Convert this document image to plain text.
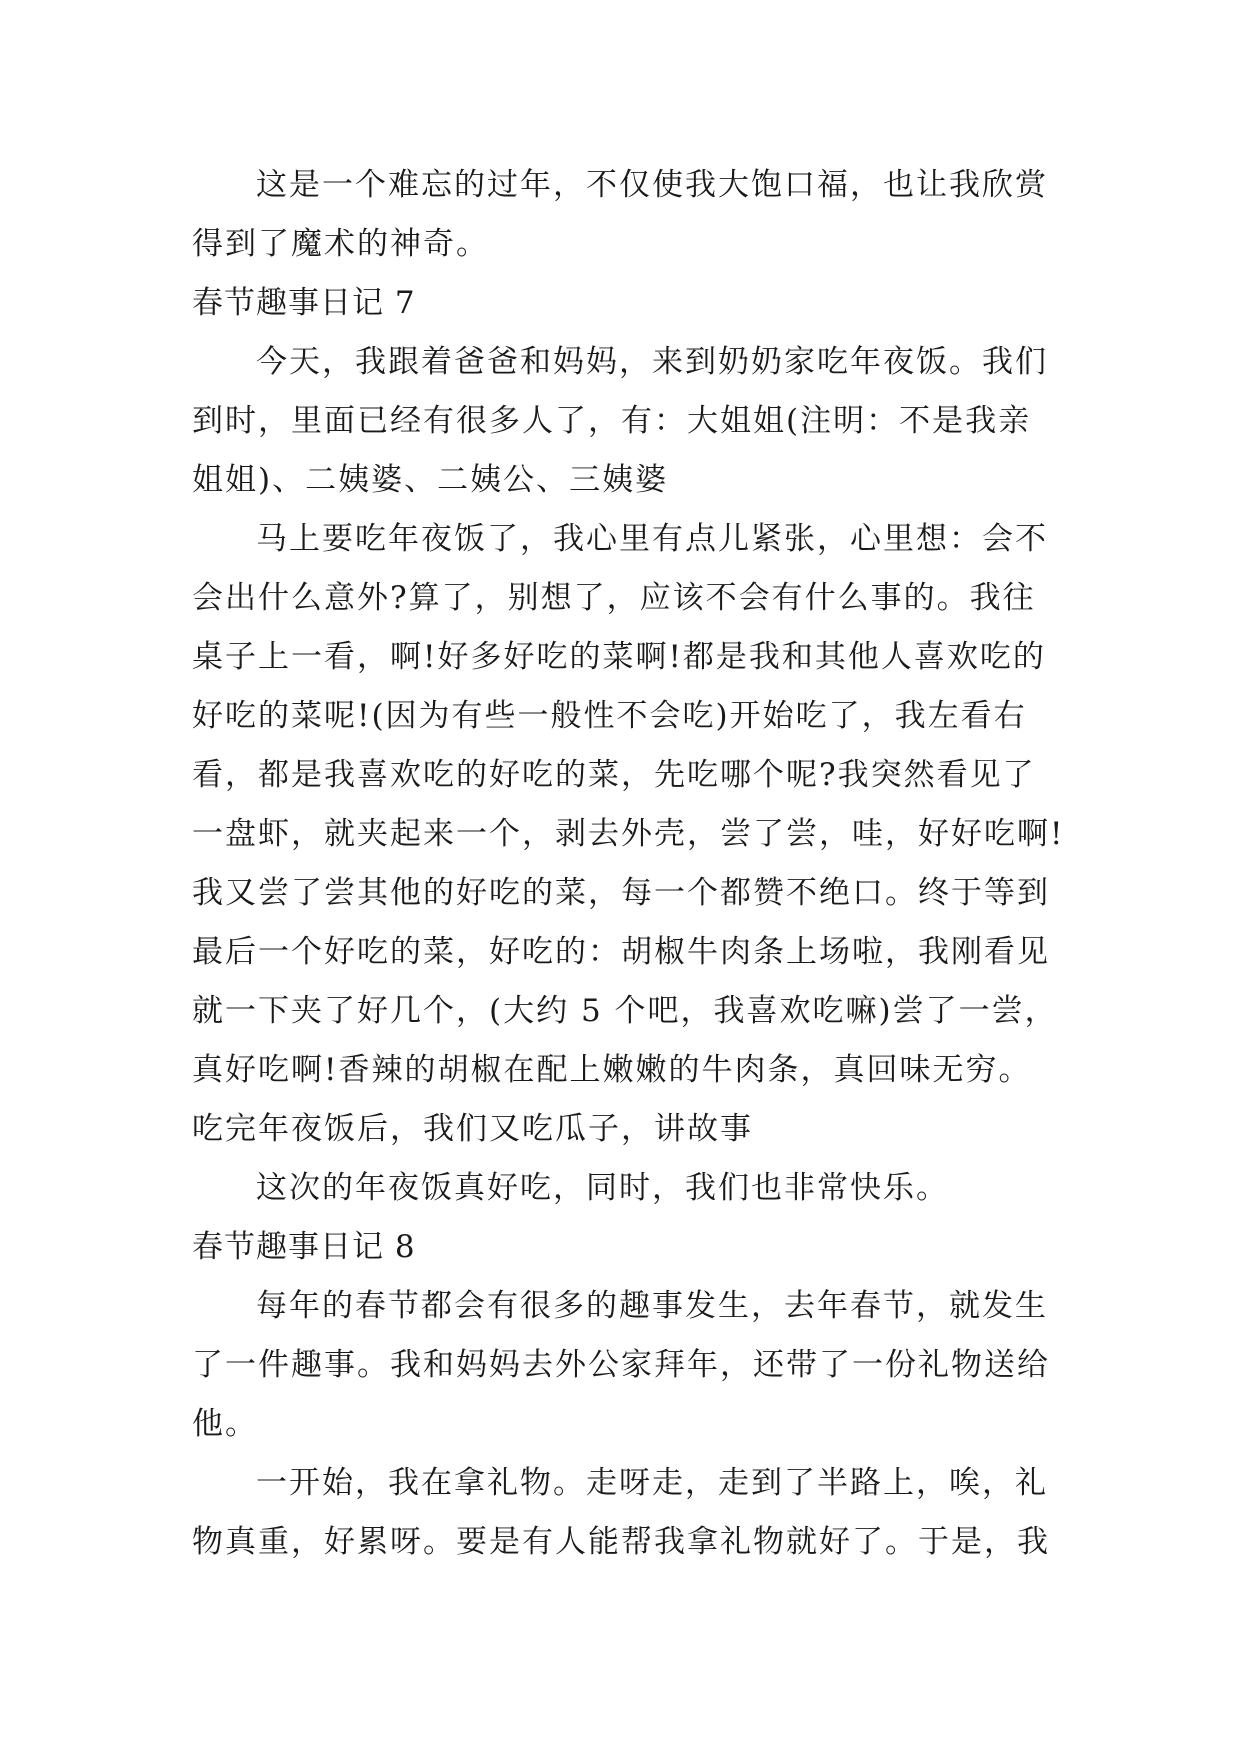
这是一个难忘的过年，不仅使我大饱口福，也让我欣赏
得到了魔术的神奇。
春节趣事日记 7
今天，我跟着爸爸和妈妈，来到奶奶家吃年夜饭。我们
到时，里面已经有很多人了，有：大姐姐(注明：不是我亲
姐姐)、二姨婆、二姨公、三姨婆
马上要吃年夜饭了，我心里有点儿紧张，心里想：会不
会出什么意外?算了，别想了，应该不会有什么事的。我往
桌子上一看，啊!好多好吃的菜啊!都是我和其他人喜欢吃的
好吃的菜呢!(因为有些一般性不会吃)开始吃了，我左看右
看，都是我喜欢吃的好吃的菜，先吃哪个呢?我突然看见了
一盘虾，就夹起来一个，剥去外壳，尝了尝，哇，好好吃啊!
我又尝了尝其他的好吃的菜，每一个都赞不绝口。终于等到
最后一个好吃的菜，好吃的：胡椒牛肉条上场啦，我刚看见
就一下夹了好几个，(大约 5 个吧，我喜欢吃嘛)尝了一尝，
真好吃啊!香辣的胡椒在配上嫩嫩的牛肉条，真回味无穷。
吃完年夜饭后，我们又吃瓜子，讲故事
这次的年夜饭真好吃，同时，我们也非常快乐。
春节趣事日记 8
每年的春节都会有很多的趣事发生，去年春节，就发生
了一件趣事。我和妈妈去外公家拜年，还带了一份礼物送给
他。
一开始，我在拿礼物。走呀走，走到了半路上，唉，礼
物真重，好累呀。要是有人能帮我拿礼物就好了。于是，我
